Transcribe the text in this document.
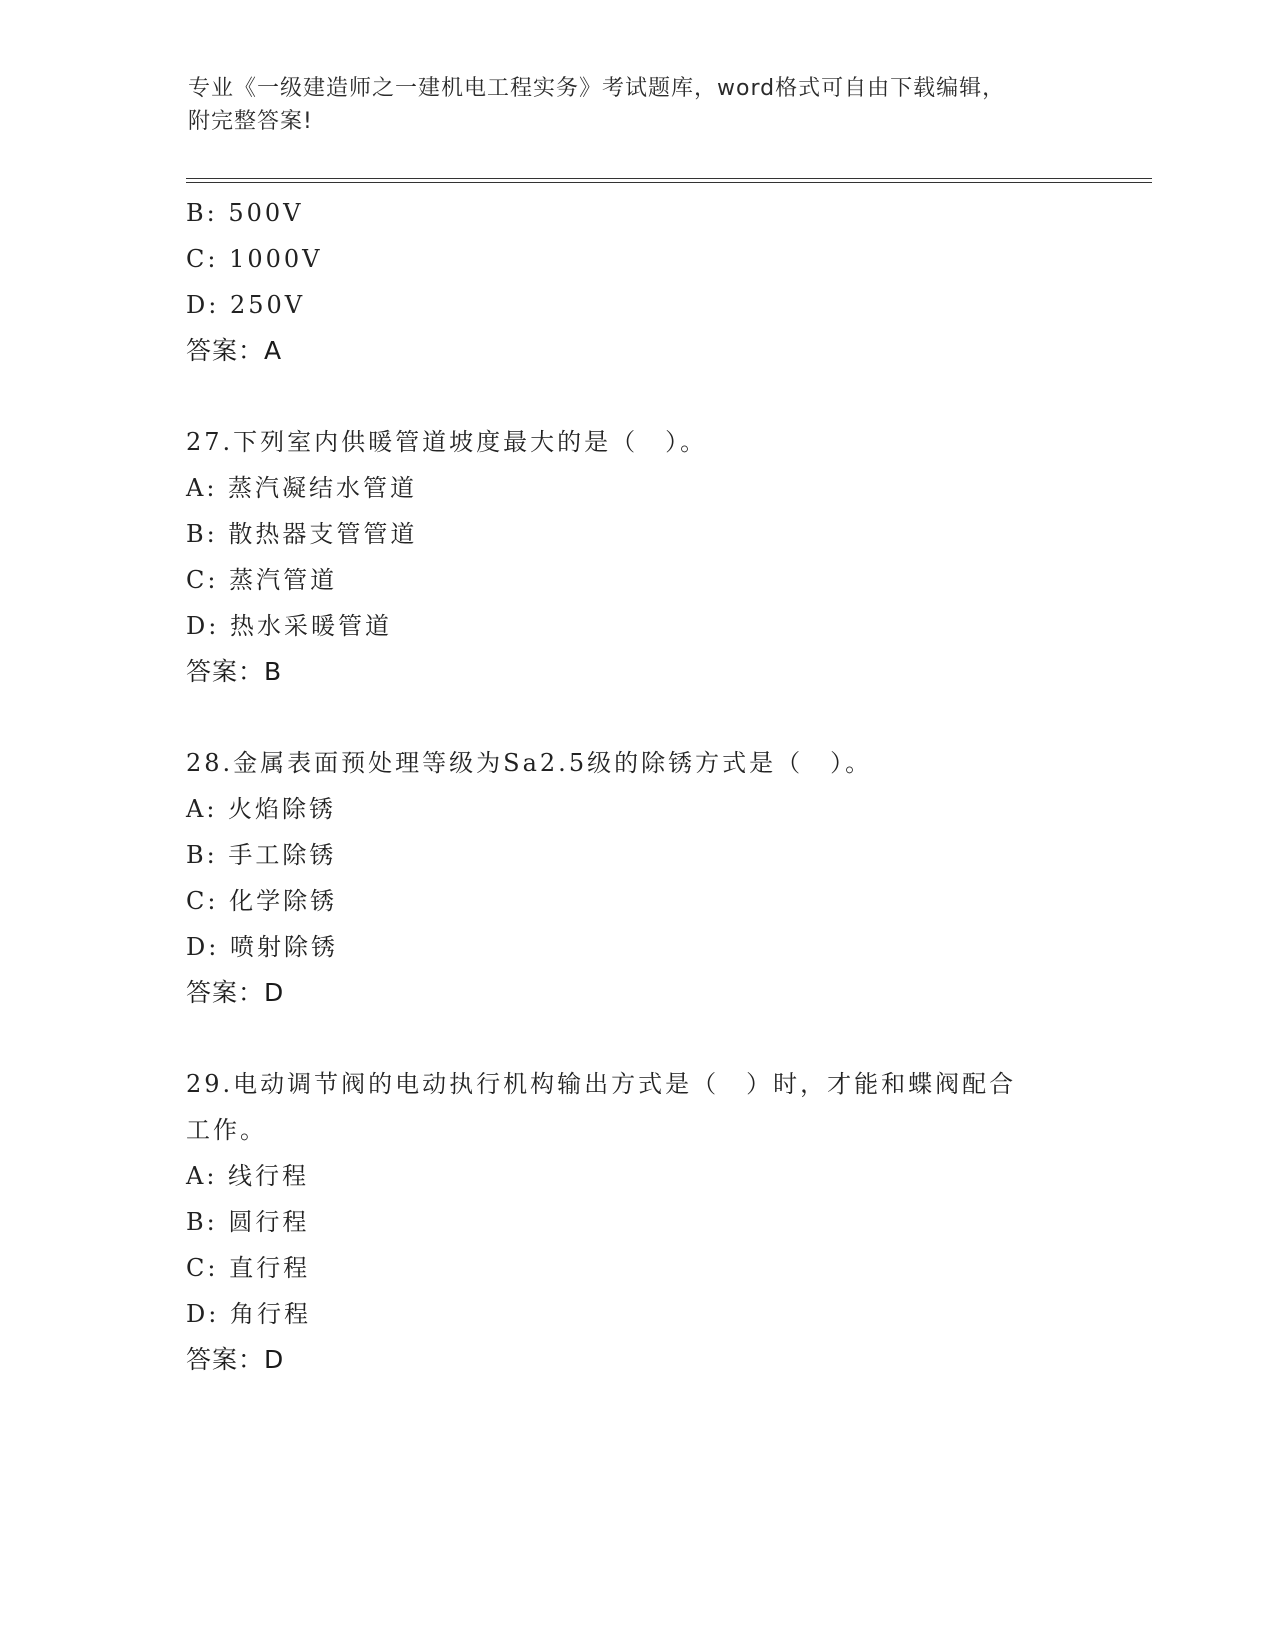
专业《一级建造师之一建机电工程实务》考试题库，word格式可自由下载编辑，
附完整答案!
B: 500V
C: 1000V
D: 250V
答案：A
27.下列室内供暖管道坡度最大的是（　）。
A: 蒸汽凝结水管道
B: 散热器支管管道
C: 蒸汽管道
D: 热水采暖管道
答案：B
28.金属表面预处理等级为Sa2.5级的除锈方式是（　）。
A: 火焰除锈
B: 手工除锈
C: 化学除锈
D: 喷射除锈
答案：D
29.电动调节阀的电动执行机构输出方式是（　）时，才能和蝶阀配合
工作。
A: 线行程
B: 圆行程
C: 直行程
D: 角行程
答案：D
